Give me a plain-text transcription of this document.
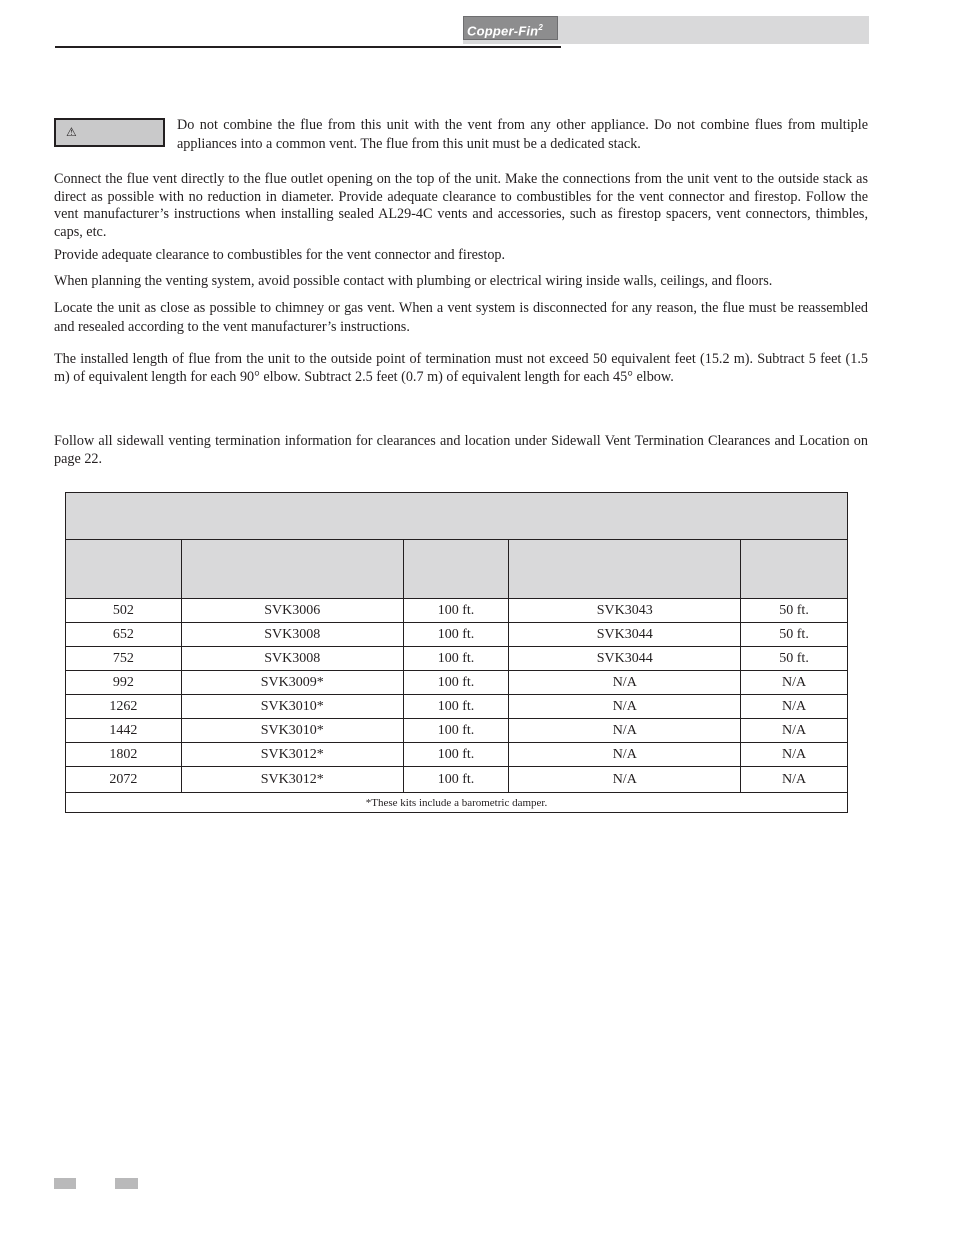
Copper-Fin$^2$
⚠	Do not combine the flue from this unit with the vent from any other appliance. Do not combine flues from multiple appliances into a common vent. The flue from this unit must be a dedicated stack.

Connect the flue vent directly to the flue outlet opening on the top of the unit. Make the connections from the unit vent to the outside stack as direct as possible with no reduction in diameter. Provide adequate clearance to combustibles for the vent connector and firestop. Follow the vent manufacturer’s instructions when installing sealed AL29-4C vents and accessories, such as firestop spacers, vent connectors, thimbles, caps, etc.

Provide adequate clearance to combustibles for the vent connector and firestop.

When planning the venting system, avoid possible contact with plumbing or electrical wiring inside walls, ceilings, and floors.

Locate the unit as close as possible to chimney or gas vent. When a vent system is disconnected for any reason, the flue must be reassembled and resealed according to the vent manufacturer’s instructions.

The installed length of flue from the unit to the outside point of termination must not exceed 50 equivalent feet (15.2 m). Subtract 5 feet (1.5 m) of equivalent length for each 90° elbow. Subtract 2.5 feet (0.7 m) of equivalent length for each 45° elbow.

Follow all sidewall venting termination information for clearances and location under Sidewall Vent Termination Clearances and Location on page 22.

502	SVK3006	100 ft.	SVK3043	50 ft.
652	SVK3008	100 ft.	SVK3044	50 ft.
752	SVK3008	100 ft.	SVK3044	50 ft.
992	SVK3009*	100 ft.	N/A	N/A
1262	SVK3010*	100 ft.	N/A	N/A
1442	SVK3010*	100 ft.	N/A	N/A
1802	SVK3012*	100 ft.	N/A	N/A
2072	SVK3012*	100 ft.	N/A	N/A
*These kits include a barometric damper.				
